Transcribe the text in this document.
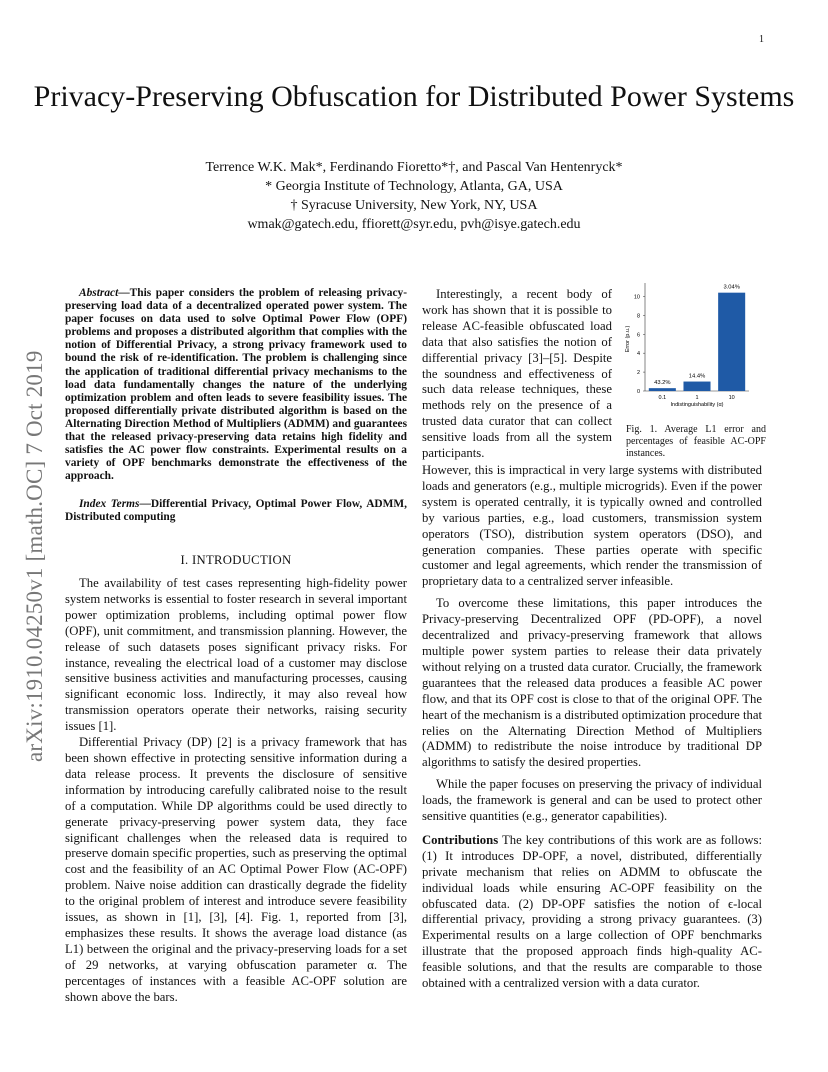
1
Privacy-Preserving Obfuscation for Distributed Power Systems
Terrence W.K. Mak*, Ferdinando Fioretto*†, and Pascal Van Hentenryck*
* Georgia Institute of Technology, Atlanta, GA, USA
† Syracuse University, New York, NY, USA
wmak@gatech.edu, ffiorett@syr.edu, pvh@isye.gatech.edu
arXiv:1910.04250v1 [math.OC] 7 Oct 2019

Abstract—This paper considers the problem of releasing privacy-preserving load data of a decentralized operated power system. The paper focuses on data used to solve Optimal Power Flow (OPF) problems and proposes a distributed algorithm that complies with the notion of Differential Privacy, a strong privacy framework used to bound the risk of re-identification. The problem is challenging since the application of traditional differential privacy mechanisms to the load data fundamentally changes the nature of the underlying optimization problem and often leads to severe feasibility issues. The proposed differentially private distributed algorithm is based on the Alternating Direction Method of Multipliers (ADMM) and guarantees that the released privacy-preserving data retains high fidelity and satisfies the AC power flow constraints. Experimental results on a variety of OPF benchmarks demonstrate the effectiveness of the approach.

Index Terms—Differential Privacy, Optimal Power Flow, ADMM, Distributed computing

I. INTRODUCTION

The availability of test cases representing high-fidelity power system networks is essential to foster research in several important power optimization problems, including optimal power flow (OPF), unit commitment, and transmission planning. However, the release of such datasets poses significant privacy risks. For instance, revealing the electrical load of a customer may disclose sensitive business activities and manufacturing processes, causing significant economic loss. Indirectly, it may also reveal how transmission operators operate their networks, raising security issues [1].

Differential Privacy (DP) [2] is a privacy framework that has been shown effective in protecting sensitive information during a data release process. It prevents the disclosure of sensitive information by introducing carefully calibrated noise to the result of a computation. While DP algorithms could be used directly to generate privacy-preserving power system data, they face significant challenges when the released data is required to preserve domain specific properties, such as preserving the optimal cost and the feasibility of an AC Optimal Power Flow (AC-OPF) problem. Naive noise addition can drastically degrade the fidelity to the original problem of interest and introduce severe feasibility issues, as shown in [1], [3], [4]. Fig. 1, reported from [3], emphasizes these results. It shows the average load distance (as L1) between the original and the privacy-preserving loads for a set of 29 networks, at varying obfuscation parameter α. The percentages of instances with a feasible AC-OPF solution are shown above the bars.

Interestingly, a recent body of work has shown that it is possible to release AC-feasible obfuscated load data that also satisfies the notion of differential privacy [3]–[5]. Despite the soundness and effectiveness of such data release techniques, these methods rely on the presence of a trusted data curator that can collect sensitive loads from all the system participants.

0
2
4
6
8
10
Error (p.u.)
43.2%
0.1
14.4%
1
3.04%
10
Indistinguishability (α)
Fig. 1. Average L1 error and percentages of feasible AC-OPF instances.

However, this is impractical in very large systems with distributed loads and generators (e.g., multiple microgrids). Even if the power system is operated centrally, it is typically owned and controlled by various parties, e.g., load customers, transmission system operators (TSO), distribution system operators (DSO), and generation companies. These parties operate with specific customer and legal agreements, which render the transmission of proprietary data to a centralized server infeasible.

To overcome these limitations, this paper introduces the Privacy-preserving Decentralized OPF (PD-OPF), a novel decentralized and privacy-preserving framework that allows multiple power system parties to release their data privately without relying on a trusted data curator. Crucially, the framework guarantees that the released data produces a feasible AC power flow, and that its OPF cost is close to that of the original OPF. The heart of the mechanism is a distributed optimization procedure that relies on the Alternating Direction Method of Multipliers (ADMM) to redistribute the noise introduce by traditional DP algorithms to satisfy the desired properties.

While the paper focuses on preserving the privacy of individual loads, the framework is general and can be used to protect other sensitive quantities (e.g., generator capabilities).

Contributions The key contributions of this work are as follows: (1) It introduces DP-OPF, a novel, distributed, differentially private mechanism that relies on ADMM to obfuscate the individual loads while ensuring AC-OPF feasibility on the obfuscated data. (2) DP-OPF satisfies the notion of ϵ-local differential privacy, providing a strong privacy guarantees. (3) Experimental results on a large collection of OPF benchmarks illustrate that the proposed approach finds high-quality AC-feasible solutions, and that the results are comparable to those obtained with a centralized version with a data curator.
